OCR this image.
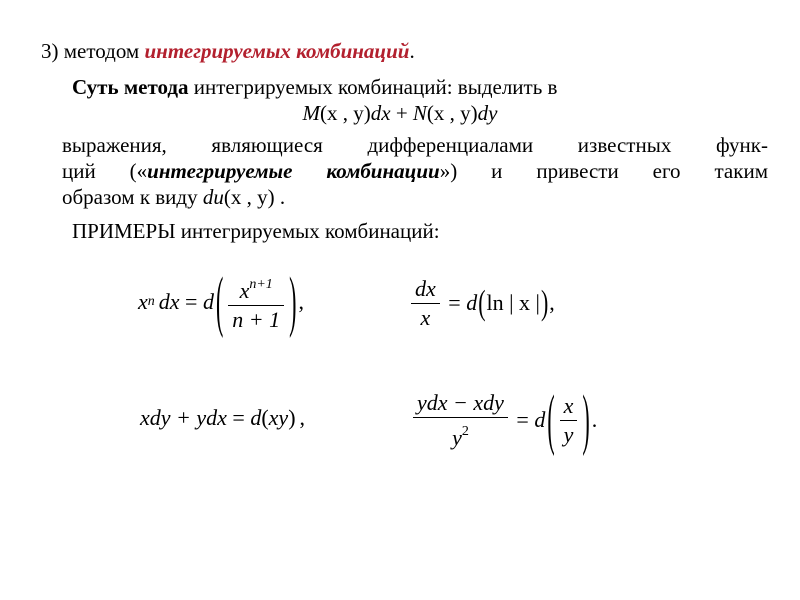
3) методом интегрируемых комбинаций.
Суть метода интегрируемых комбинаций: выделить в
M(x , y)dx + N(x , y)dy
выражения, являющиеся дифференциалами известных функ-
ций («интегрируемые комбинации») и привести его таким
образом к виду du(x , y) .
ПРИМЕРЫ интегрируемых комбинаций:
x n dx = d ( $\frac{x^{n+1}}{n + 1}$ ) ,	$\frac{dx}{x} = d$ ( ln | x | ) ,
xdy + ydx = d ( xy ) ,	$\frac{\text{ydx − xdy}}{y^2} = d$ ( $\frac{x}{y}$ ) .
